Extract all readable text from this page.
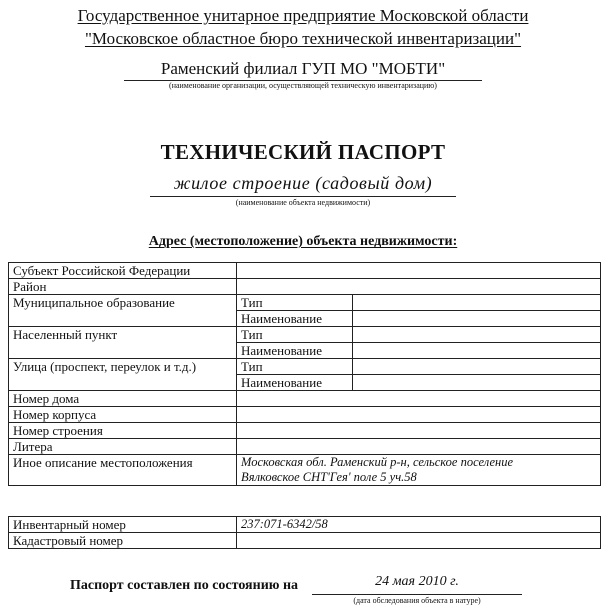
Государственное унитарное предприятие Московской области
"Московское областное бюро технической инвентаризации"
Раменский филиал ГУП МО "МОБТИ"
(наименование организации, осуществляющей техническую инвентаризацию)
ТЕХНИЧЕСКИЙ ПАСПОРТ
жилое строение (садовый дом)
(наименование объекта недвижимости)
Адрес (местоположение) объекта недвижимости:
Субъект Российской Федерации		
Район		
Муниципальное образование	Тип	
	Наименование	
Населенный пункт	Тип	
	Наименование	
Улица (проспект, переулок и т.д.)	Тип	
	Наименование	
Номер дома		
Номер корпуса		
Номер строения		
Литера		
Иное описание местоположения	Московская обл. Раменский р-н, сельское поселение
Вялковское СНТ'Гея' поле 5 уч.58	
Инвентарный номер	237:071-6342/58
Кадастровый номер	
Паспорт составлен по состоянию на	24 мая 2010 г.
(дата обследования объекта в натуре)
